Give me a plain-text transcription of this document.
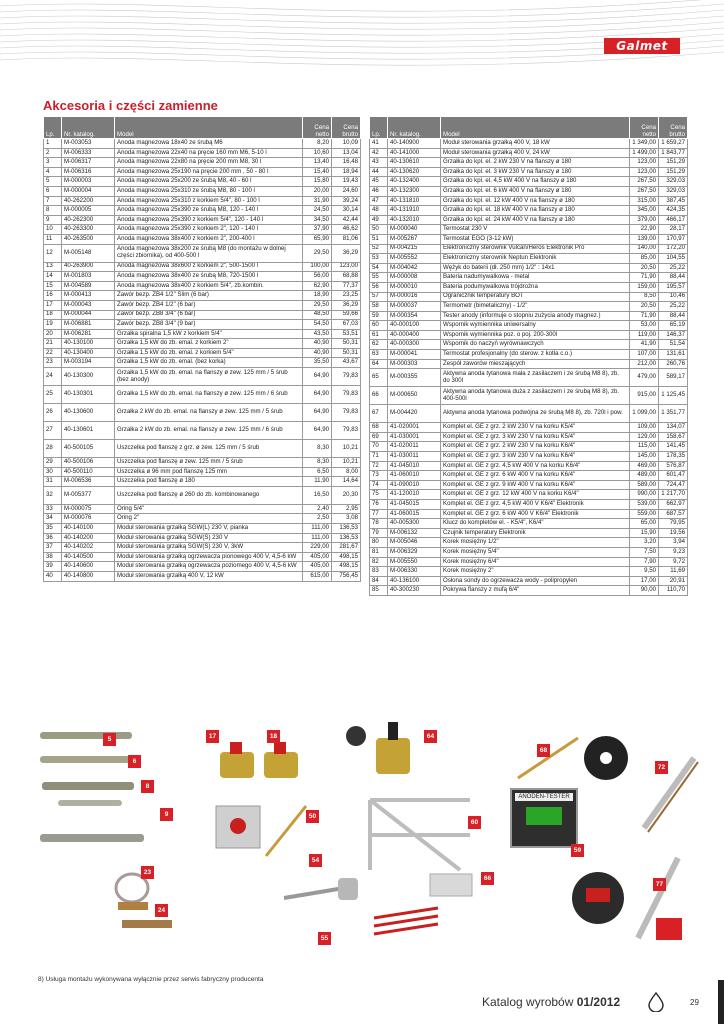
Galmet
Akcesoria i części zamienne
Lp.	Nr. katalog.	Model	Cena netto	Cena brutto
1	M-003053	Anoda magnezowa 18x40 ze śrubą M6	8,20	10,09
2	M-006333	Anoda magnezowa 22x40 na pręcie 160 mm M6, 5-10 l	10,60	13,04
3	M-006317	Anoda magnezowa 22x80 na pręcie 200 mm M8, 30 l	13,40	16,48
4	M-006316	Anoda magnezowa 25x190 na pręcie 200 mm , 50 - 80 l	15,40	18,94
5	M-000003	Anoda magnezowa 25x200 ze śrubą M8, 40 - 60 l	15,80	19,43
6	M-000004	Anoda magnezowa 25x310 ze śrubą M8, 80 - 100 l	20,00	24,60
7	40-262200	Anoda magnezowa 25x310 z korkiem 5/4", 80 - 100 l	31,90	39,24
8	M-000005	Anoda magnezowa 25x390 ze śrubą M8, 120 - 140 l	24,50	30,14
9	40-262300	Anoda magnezowa 25x390 z korkiem 5/4", 120 - 140 l	34,50	42,44
10	40-263300	Anoda magnezowa 25x390 z korkiem 2", 120 - 140 l	37,90	46,62
11	40-263500	Anoda magnezowa 38x400 z korkiem 2", 200-400 l	65,90	81,06
12	M-005148	Anoda magnezowa 38x200 ze śrubą M8 (do montażu w dolnej części zbiornika), od 400-500 l	29,50	36,29
13	40-263900	Anoda magnezowa 38x600 z korkiem 2", 500-1500 l	100,00	123,00
14	M-001803	Anoda magnezowa 38x400 ze śrubą M8, 720-1500 l	56,00	68,88
15	M-004589	Anoda magnezowa 38x400 z korkiem 5/4", zb.kombin.	62,90	77,37
16	M-000413	Zawór bezp. ZB4 1/2" Slim (6 bar)	18,90	23,25
17	M-000043	Zawór bezp. ZB4 1/2" (6 bar)	29,50	36,29
18	M-000044	Zawór bezp. ZB8 3/4" (6 bar)	48,50	59,66
19	M-006881	Zawór bezp. ZB8 3/4" (9 bar)	54,50	67,03
20	M-006281	Grzałka spiralna 1,5 kW z korkiem 5/4"	43,50	53,51
21	40-130100	Grzałka 1,5 kW do zb. emal. z korkiem 2"	40,90	50,31
22	40-130400	Grzałka 1,5 kW do zb. emal. z korkiem 5/4"	40,90	50,31
23	M-003194	Grzałka 1,5 kW do zb. emal. (bez korka)	35,50	43,67
24	40-130300	Grzałka 1,5 kW do zb. emal. na flanszy ø zew. 125 mm / 5 śrub (bez anody)	64,90	79,83
25	40-130301	Grzałka 1,5 kW do zb. emal. na flanszy ø zew. 125 mm / 6 śrub	64,90	79,83
26	40-130600	Grzałka 2 kW do zb. emal. na flanszy ø zew. 125 mm / 5 śrub	64,90	79,83
27	40-130601	Grzałka 2 kW do zb. emal. na flanszy ø zew. 125 mm / 6 śrub	64,90	79,83
28	40-500105	Uszczelka pod flanszę z grz. ø zew. 125 mm / 5 śrub	8,30	10,21
29	40-500106	Uszczelka pod flanszę ø zew. 125 mm / 5 śrub	8,30	10,21
30	40-500110	Uszczelka ø 96 mm pod flanszę 125 mm	6,50	8,00
31	M-006536	Uszczelka pod flanszę ø 180	11,90	14,64
32	M-005377	Uszczelka pod flanszę ø 260 do zb. kombinowanego	16,50	20,30
33	M-000075	Oring 5/4"	2,40	2,95
34	M-000076	Oring 2"	2,50	3,08
35	40-140100	Moduł sterowania grzałką SGW(L) 230 V, pianka	111,00	136,53
36	40-140200	Moduł sterowania grzałką SGW(S) 230 V	111,00	136,53
37	40-140202	Moduł sterowania grzałką SGW(S) 230 V, 3kW	229,00	281,67
38	40-140500	Moduł sterowania grzałką ogrzewacza pionowego 400 V, 4,5-6 kW	405,00	498,15
39	40-140600	Moduł sterowania grzałką ogrzewacza poziomego 400 V, 4,5-6 kW	405,00	498,15
40	40-140800	Moduł sterowania grzałką 400 V, 12 kW	615,00	756,45
Lp.	Nr. katalog.	Model	Cena netto	Cena brutto
41	40-140900	Moduł sterowania grzałką 400 V, 18 kW	1 349,00	1 659,27
42	40-141000	Moduł sterowania grzałką 400 V, 24 kW	1 499,00	1 843,77
43	40-130610	Grzałka do kpl. el. 2 kW 230 V na flanszy ø 180	123,00	151,29
44	40-130620	Grzałka do kpl. el. 3 kW 230 V na flanszy ø 180	123,00	151,29
45	40-132400	Grzałka do kpl. el. 4,5 kW 400 V na flanszy ø 180	267,50	329,03
46	40-132300	Grzałka do kpl. el. 6 kW 400 V na flanszy ø 180	267,50	329,03
47	40-131810	Grzałka do kpl. el. 12 kW 400 V na flanszy ø 180	315,00	387,45
48	40-131910	Grzałka do kpl. el. 18 kW 400 V na flanszy ø 180	345,00	424,35
49	40-132010	Grzałka do kpl. el. 24 kW 400 V na flanszy ø 180	379,00	466,17
50	M-000040	Termostat 230 V	22,90	28,17
51	M-005267	Termostat EGO (3-12 kW)	139,00	170,97
52	M-004215	Elektroniczny sterownik Vulcan/Heros Elektronik Pro	140,00	172,20
53	M-005552	Elektroniczny sterownik Neptun Elektronik	85,00	104,55
54	M-004042	Wężyk do baterii (dł. 250 mm) 1/2" : 14x1	20,50	25,22
55	M-000008	Bateria nadumywalkowa - metal	71,90	88,44
56	M-000010	Bateria podumywalkowa trójdrożna	159,00	195,57
57	M-000016	Ogranicznik temperatury BOT	8,50	10,46
58	M-000037	Termometr (bimetaliczny) - 1/2"	20,50	25,22
59	M-000354	Tester anody (informuje o stopniu zużycia anody magnez.)	71,90	88,44
60	40-000100	Wspornik wymiennika uniwersalny	53,00	65,19
61	40-000400	Wspornik wymiennika poz. o poj. 200-300l	119,00	146,37
62	40-000300	Wspornik do naczyń wyrównawczych	41,90	51,54
63	M-000041	Termostat profesjonalny (do sterow. z kotła c.o.)	107,00	131,61
64	M-000303	Zespół zaworów mieszających	212,00	260,76
65	M-000355	Aktywna anoda tytanowa mała z zasilaczem i ze śrubą M8 8), zb. do 300l	479,00	589,17
66	M-000650	Aktywna anoda tytanowa duża z zasilaczem i ze śrubą M8 8), zb. 400-500l	915,00	1 125,45
67	M-004420	Aktywna anoda tytanowa podwójna ze śrubą M8 8), zb. 720l i pow.	1 099,00	1 351,77
68	41-020001	Komplet el. GE z grz. 2 kW 230 V na korku K5/4"	109,00	134,07
69	41-030001	Komplet el. GE z grz. 3 kW 230 V na korku K5/4"	129,00	158,67
70	41-020011	Komplet el. GE z grz. 2 kW 230 V na korku K6/4"	115,00	141,45
71	41-030011	Komplet el. GE z grz. 3 kW 230 V na korku K6/4"	145,00	178,35
72	41-045010	Komplet el. GE z grz. 4,5 kW 400 V na korku K6/4"	469,00	576,87
73	41-060010	Komplet el. GE z grz. 6 kW 400 V na korku K6/4"	489,00	601,47
74	41-090010	Komplet el. GE z grz. 9 kW 400 V na korku K6/4"	589,00	724,47
75	41-120010	Komplet el. GE z grz. 12 kW 400 V na korku K6/4"	990,00	1 217,70
76	41-045015	Komplet el. GE z grz. 4,5 kW 400 V K6/4" Elektronik	539,00	662,97
77	41-060015	Komplet el. GE z grz. 6 kW 400 V K6/4" Elektronik	559,00	687,57
78	40-005300	Klucz do kompletów el. - K5/4", K6/4"	65,00	79,95
79	M-006132	Czujnik temperatury Elektronik	15,90	19,56
80	M-005046	Korek mosiężny 1/2"	3,20	3,94
81	M-006329	Korek mosiężny 5/4"	7,50	9,23
82	M-005550	Korek mosiężny 6/4"	7,90	9,72
83	M-006330	Korek mosiężny 2"	9,50	11,69
84	40-136100	Osłona sondy do ogrzewacza wody - polipropylen	17,00	20,91
85	40-300230	Pokrywa flanszy z mufą 6/4"	90,00	110,70
5
6
8
9
23
24
17	18
50
54
55
64
60
66
ANODEN-TESTER
59
68
72
77
8) Usługa montażu wykonywana wyłącznie przez serwis fabryczny producenta
Katalog wyrobów 01/2012	29
